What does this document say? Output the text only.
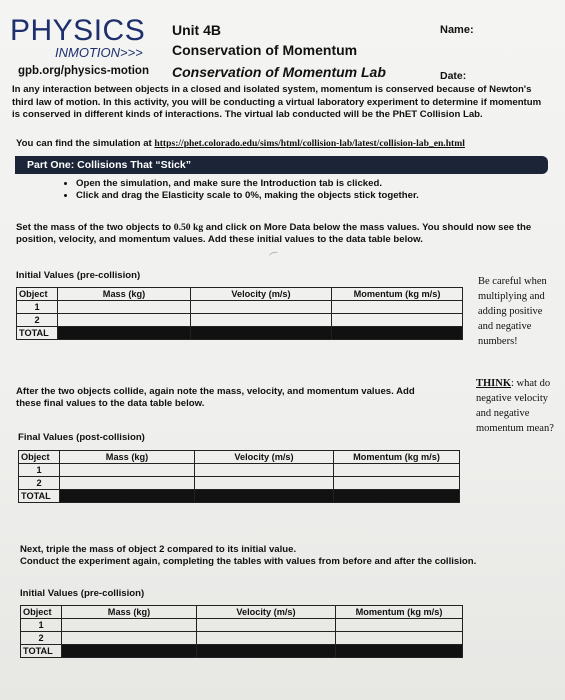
PHYSICS
INMOTION>>>
gpb.org/physics-motion
Unit 4B	Name:
Conservation of Momentum
Conservation of Momentum Lab	Date:
In any interaction between objects in a closed and isolated system, momentum is conserved because of Newton's third law of motion. In this activity, you will be conducting a virtual laboratory experiment to determine if momentum is conserved in different kinds of interactions. The virtual lab conducted will be the PhET Collision Lab.
You can find the simulation at https://phet.colorado.edu/sims/html/collision-lab/latest/collision-lab_en.html
Part One: Collisions That “Stick”
• Open the simulation, and make sure the Introduction tab is clicked.
• Click and drag the Elasticity scale to 0%, making the objects stick together.
Set the mass of the two objects to 0.50 kg and click on More Data below the mass values. You should now see the position, velocity, and momentum values. Add these initial values to the data table below.
Initial Values (pre-collision)
Object	Mass (kg)	Velocity (m/s)	Momentum (kg m/s)
1			
2			
TOTAL			
Be careful when
multiplying and
adding positive
and negative
numbers!
After the two objects collide, again note the mass, velocity, and momentum values. Add these final values to the data table below.
THINK: what do
negative velocity
and negative
momentum mean?
Final Values (post-collision)
Object	Mass (kg)	Velocity (m/s)	Momentum (kg m/s)
1			
2			
TOTAL			
Next, triple the mass of object 2 compared to its initial value.
Conduct the experiment again, completing the tables with values from before and after the collision.
Initial Values (pre-collision)
Object	Mass (kg)	Velocity (m/s)	Momentum (kg m/s)
1			
2			
TOTAL			
